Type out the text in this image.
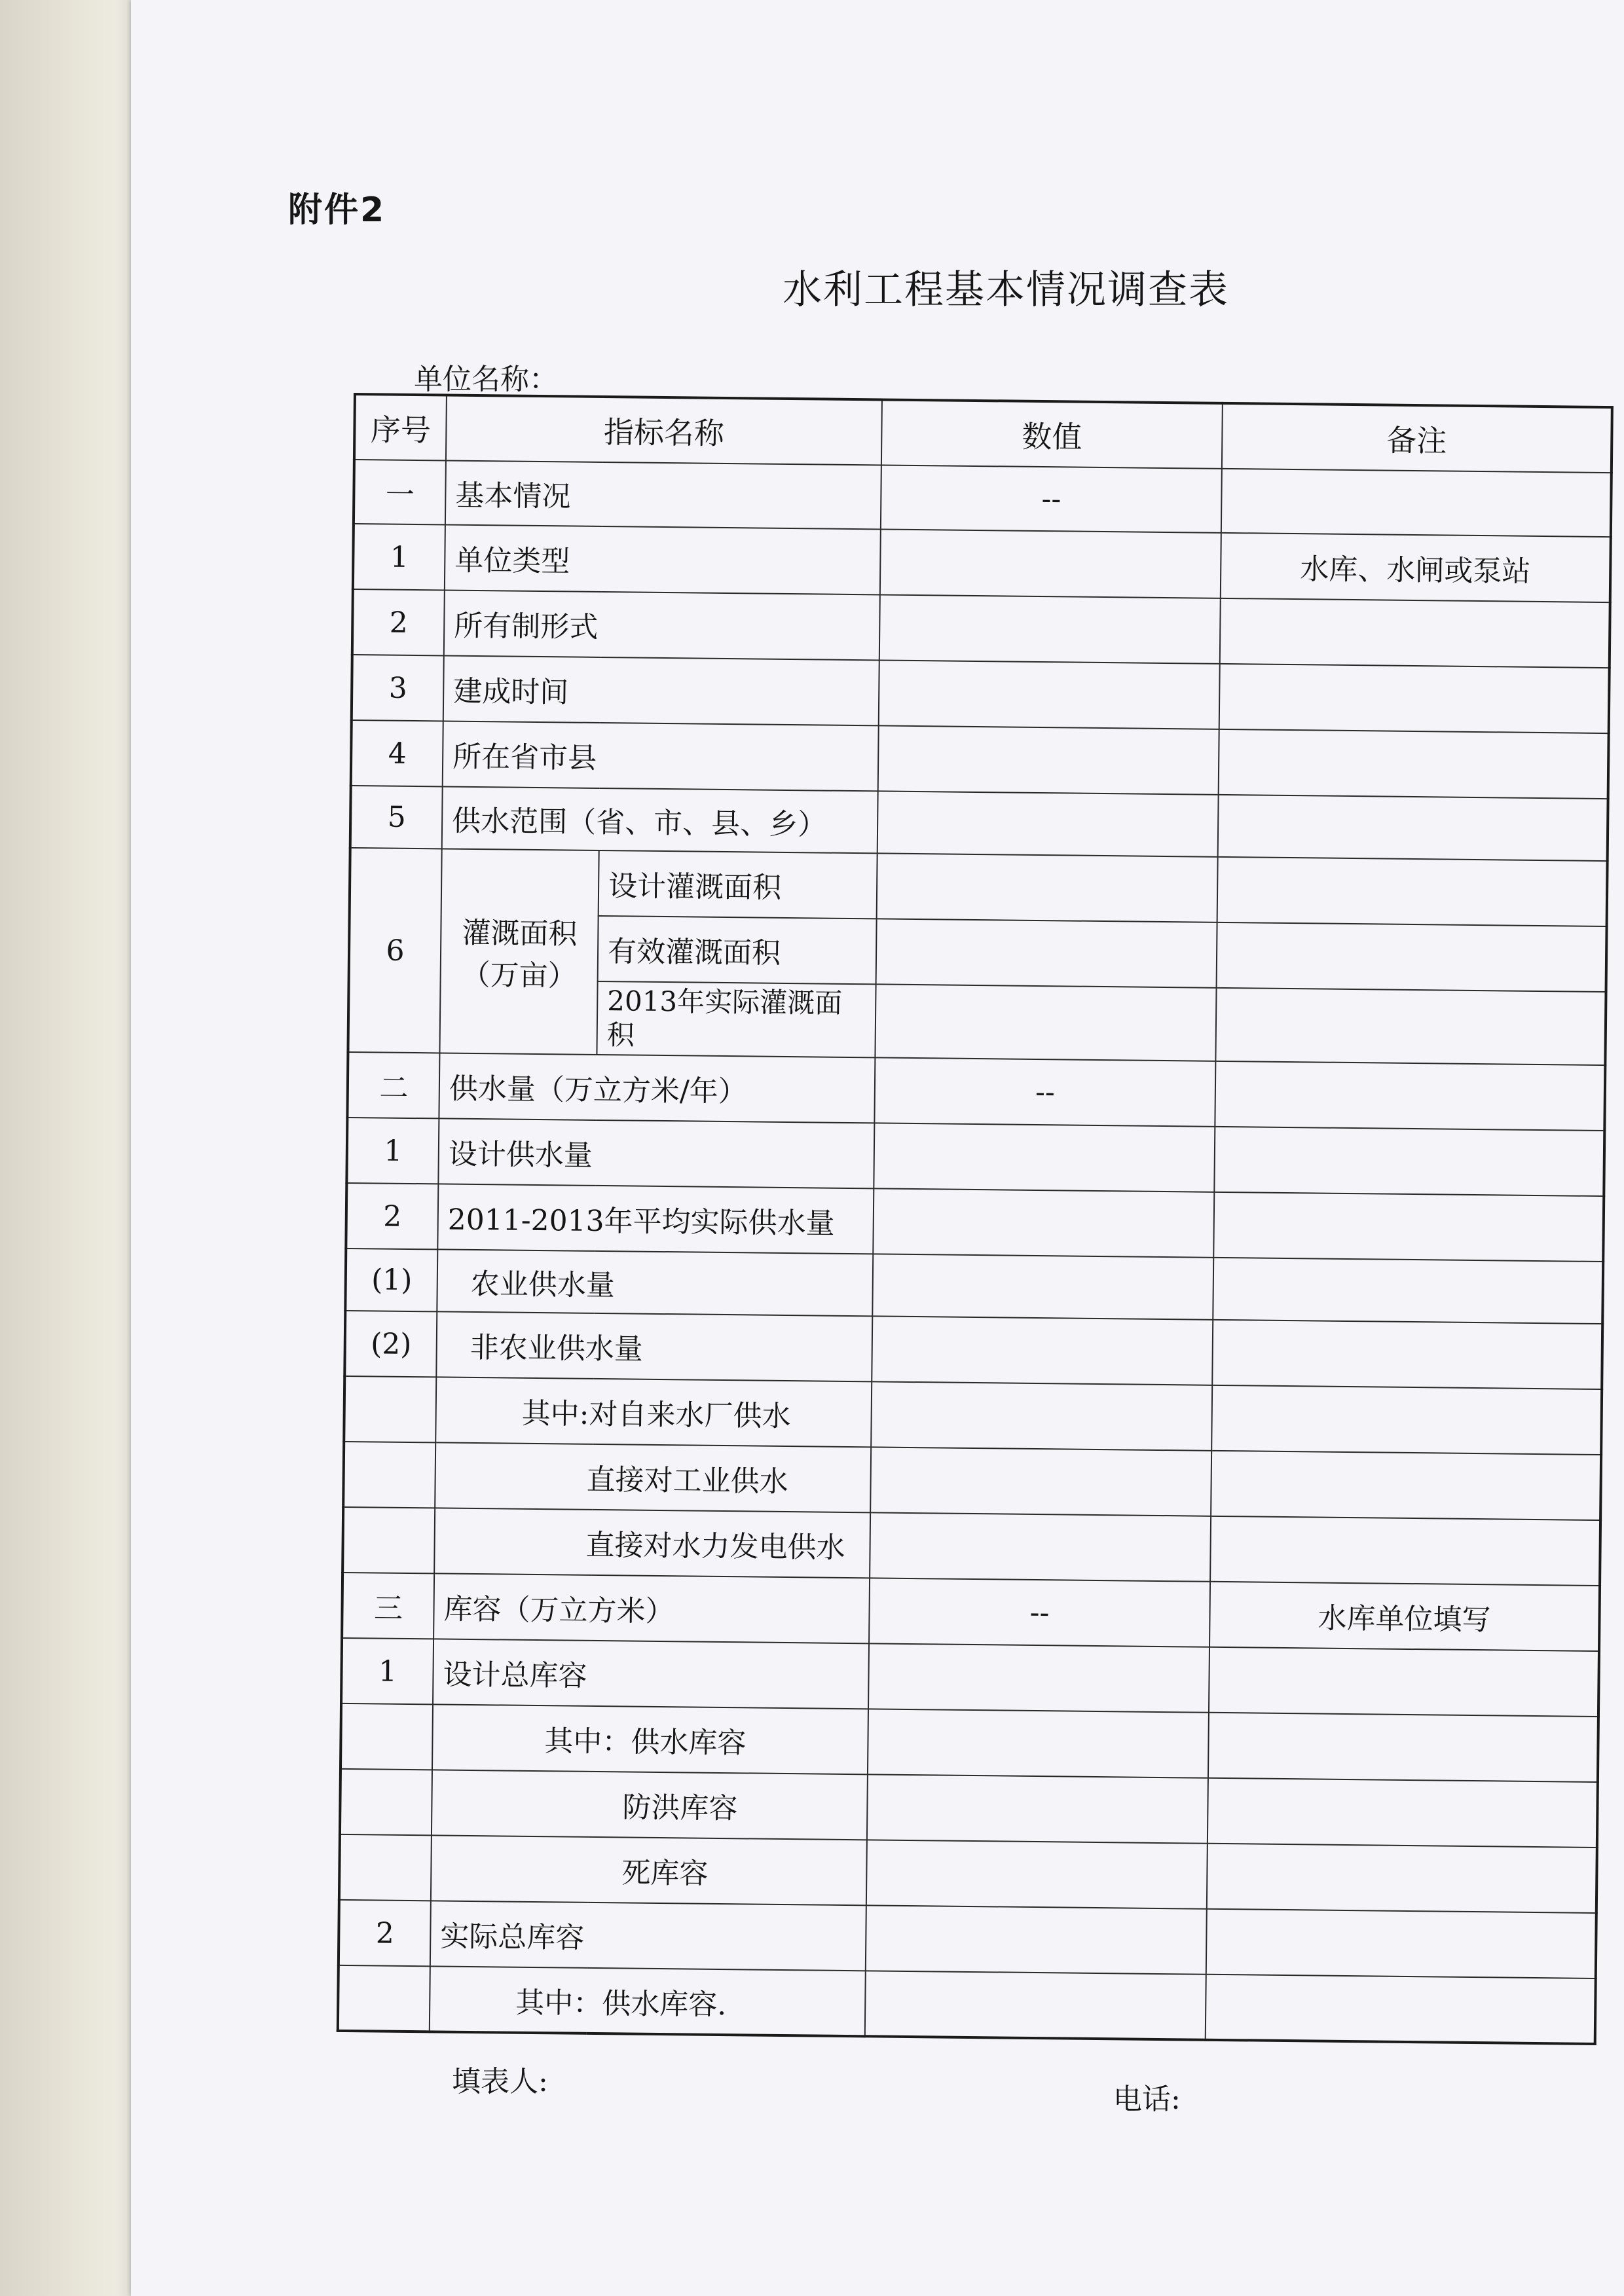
附件2
水利工程基本情况调查表
单位名称：
序号	指标名称		数值	备注
一	基本情况		--	
1	单位类型			水库、水闸或泵站
2	所有制形式			
3	建成时间			
4	所在省市县			
5	供水范围（省、市、县、乡）			
6	灌溉面积（万亩）	设计灌溉面积		
		有效灌溉面积		
		2013年实际灌溉面积		
二	供水量（万立方米/年）		--	
1	设计供水量			
2	2011-2013年平均实际供水量			
(1)	农业供水量			
(2)	非农业供水量			
	其中:对自来水厂供水			
	直接对工业供水			
	直接对水力发电供水			
三	库容（万立方米）		--	水库单位填写
1	设计总库容			
	其中：供水库容			
	防洪库容			
	死库容			
2	实际总库容			
	其中：供水库容.			
填表人:
电话:
